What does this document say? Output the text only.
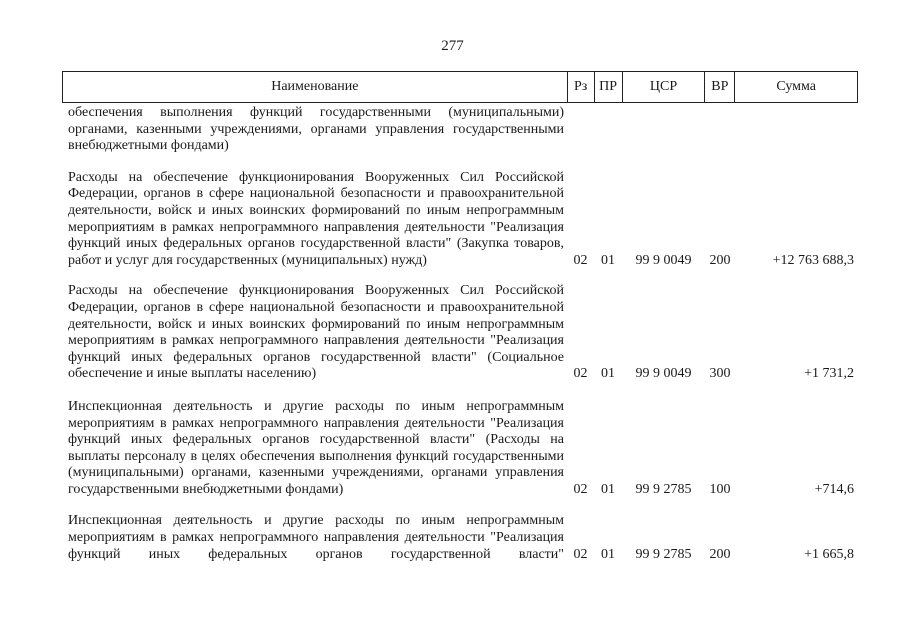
277
Наименование	Рз ПР	ЦСР	ВР	Сумма
обеспечения выполнения функций государственными (муниципальными) органами, казенными учреждениями, органами управления государственными внебюджетными фондами)
Расходы на обеспечение функционирования Вооруженных Сил Российской Федерации, органов в сфере национальной безопасности и правоохранительной деятельности, войск и иных воинских формирований по иным непрограммным мероприятиям в рамках непрограммного направления деятельности "Реализация функций иных федеральных органов государственной власти" (Закупка товаров, работ и услуг для государственных (муниципальных) нужд)	02 01	99 9 0049	200	+12 763 688,3
Расходы на обеспечение функционирования Вооруженных Сил Российской Федерации, органов в сфере национальной безопасности и правоохранительной деятельности, войск и иных воинских формирований по иным непрограммным мероприятиям в рамках непрограммного направления деятельности "Реализация функций иных федеральных органов государственной власти" (Социальное обеспечение и иные выплаты населению)	02 01	99 9 0049	300	+1 731,2
Инспекционная деятельность и другие расходы по иным непрограммным мероприятиям в рамках непрограммного направления деятельности "Реализация функций иных федеральных органов государственной власти" (Расходы на выплаты персоналу в целях обеспечения выполнения функций государственными (муниципальными) органами, казенными учреждениями, органами управления государственными внебюджетными фондами)	02 01	99 9 2785	100	+714,6
Инспекционная деятельность и другие расходы по иным непрограммным мероприятиям в рамках непрограммного направления деятельности "Реализация функций иных федеральных органов государственной власти" 02 01	99 9 2785	200	+1 665,8
